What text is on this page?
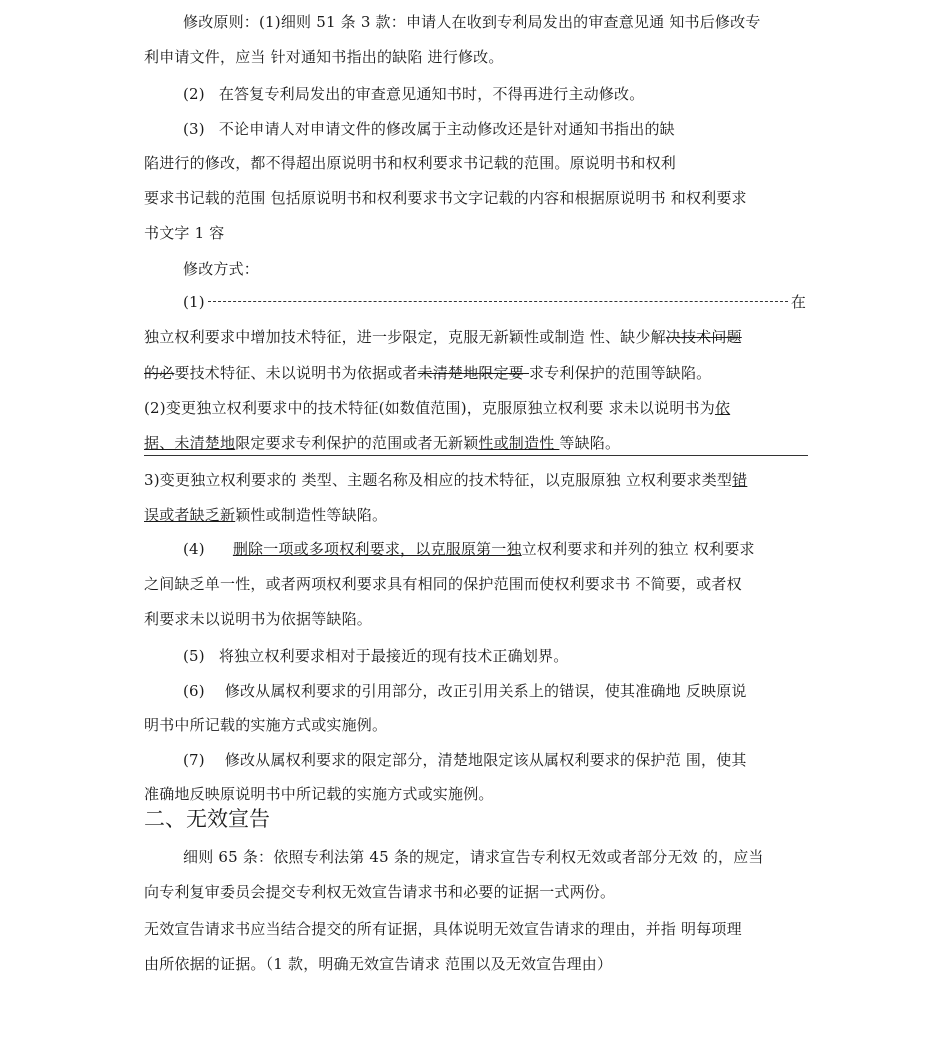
修改原则：(1)细则 51 条 3 款：申请人在收到专利局发出的审查意见通 知书后修改专
利申请文件，应当 针对通知书指出的缺陷 进行修改。
(2) 在答复专利局发出的审查意见通知书时，不得再进行主动修改。
(3) 不论申请人对申请文件的修改属于主动修改还是针对通知书指出的缺
陷进行的修改，都不得超出原说明书和权利要求书记载的范围。原说明书和权利
要求书记载的范围 包括原说明书和权利要求书文字记载的内容和根据原说明书 和权利要求
书文字 1 容
修改方式：
(1)	在
独立权利要求中增加技术特征，进一步限定，克服无新颖性或制造 性、缺少解决技术问题
的必要技术特征、未以说明书为依据或者未清楚地限定要 求专利保护的范围等缺陷。
(2)变更独立权利要求中的技术特征(如数值范围)，克服原独立权利要 求未以说明书为依
据、未清楚地限定要求专利保护的范围或者无新颖性或制造性 等缺陷。
3)变更独立权利要求的 类型、主题名称及相应的技术特征，以克服原独 立权利要求类型错
误或者缺乏新颖性或制造性等缺陷。
(4) 删除一项或多项权利要求，以克服原第一独立权利要求和并列的独立 权利要求
之间缺乏单一性，或者两项权利要求具有相同的保护范围而使权利要求书 不简要，或者权
利要求未以说明书为依据等缺陷。
(5) 将独立权利要求相对于最接近的现有技术正确划界。
(6) 修改从属权利要求的引用部分，改正引用关系上的错误，使其准确地 反映原说
明书中所记载的实施方式或实施例。
(7) 修改从属权利要求的限定部分，清楚地限定该从属权利要求的保护范 围，使其
准确地反映原说明书中所记载的实施方式或实施例。
二、无效宣告
细则 65 条：依照专利法第 45 条的规定，请求宣告专利权无效或者部分无效 的，应当
向专利复审委员会提交专利权无效宣告请求书和必要的证据一式两份。
无效宣告请求书应当结合提交的所有证据，具体说明无效宣告请求的理由，并指 明每项理
由所依据的证据。（1 款，明确无效宣告请求 范围以及无效宣告理由）
